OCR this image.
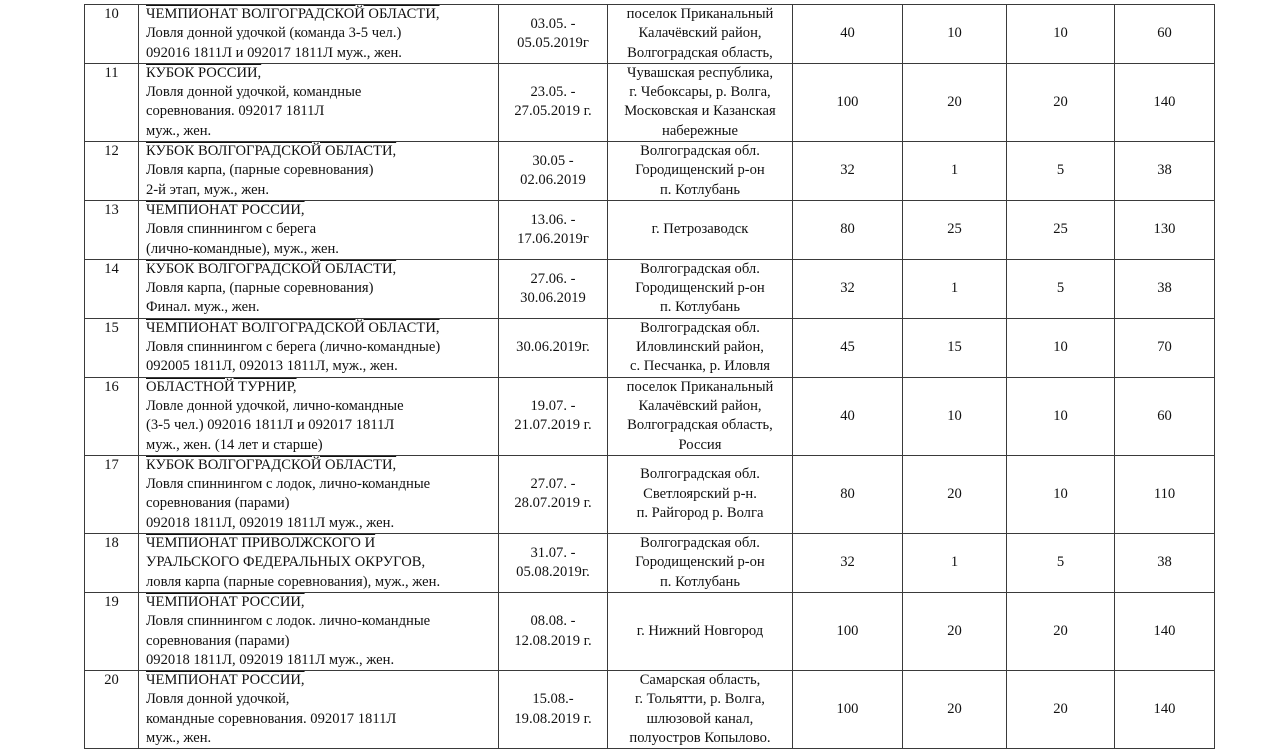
10	ЧЕМПИОНАТ ВОЛГОГРАДСКОЙ ОБЛАСТИ,
Ловля донной удочкой (команда 3-5 чел.)
092016 1811Л и 092017 1811Л муж., жен.	03.05. -
05.05.2019г	поселок Приканальный
Калачёвский район,
Волгоградская область,	40	10	10	60

11	КУБОК РОССИИ,
Ловля донной удочкой, командные
соревнования. 092017 1811Л
муж., жен.	23.05. -
27.05.2019 г.	Чувашская республика,
г. Чебоксары, р. Волга,
Московская и Казанская
набережные	100	20	20	140

12	КУБОК ВОЛГОГРАДСКОЙ ОБЛАСТИ,
Ловля карпа, (парные соревнования)
2-й этап, муж., жен.	30.05 -
02.06.2019	Волгоградская обл.
Городищенский р-он
п. Котлубань	32	1	5	38

13	ЧЕМПИОНАТ РОССИИ,
Ловля спиннингом с берега
(лично-командные), муж., жен.	13.06. -
17.06.2019г	г. Петрозаводск	80	25	25	130

14	КУБОК ВОЛГОГРАДСКОЙ ОБЛАСТИ,
Ловля карпа, (парные соревнования)
Финал. муж., жен.	27.06. -
30.06.2019	Волгоградская обл.
Городищенский р-он
п. Котлубань	32	1	5	38

15	ЧЕМПИОНАТ ВОЛГОГРАДСКОЙ ОБЛАСТИ,
Ловля спиннингом с берега (лично-командные)
092005 1811Л, 092013 1811Л, муж., жен.	30.06.2019г.	Волгоградская обл.
Иловлинский район,
с. Песчанка, р. Иловля	45	15	10	70

16	ОБЛАСТНОЙ ТУРНИР,
Ловле донной удочкой, лично-командные
(3-5 чел.) 092016 1811Л и 092017 1811Л
муж., жен. (14 лет и старше)	19.07. -
21.07.2019 г.	поселок Приканальный
Калачёвский район,
Волгоградская область,
Россия	40	10	10	60

17	КУБОК ВОЛГОГРАДСКОЙ ОБЛАСТИ,
Ловля спиннингом с лодок, лично-командные
соревнования (парами)
092018 1811Л, 092019 1811Л муж., жен.	27.07. -
28.07.2019 г.	Волгоградская обл.
Светлоярский р-н.
п. Райгород р. Волга	80	20	10	110

18	ЧЕМПИОНАТ ПРИВОЛЖСКОГО И
УРАЛЬСКОГО ФЕДЕРАЛЬНЫХ ОКРУГОВ,
ловля карпа (парные соревнования), муж., жен.	31.07. -
05.08.2019г.	Волгоградская обл.
Городищенский р-он
п. Котлубань	32	1	5	38

19	ЧЕМПИОНАТ РОССИИ,
Ловля спиннингом с лодок. лично-командные
соревнования (парами)
092018 1811Л, 092019 1811Л муж., жен.	08.08. -
12.08.2019 г.	г. Нижний Новгород	100	20	20	140

20	ЧЕМПИОНАТ РОССИИ,
Ловля донной удочкой,
командные соревнования. 092017 1811Л
муж., жен.	15.08.-
19.08.2019 г.	Самарская область,
г. Тольятти, р. Волга,
шлюзовой канал,
полуостров Копылово.	100	20	20	140
